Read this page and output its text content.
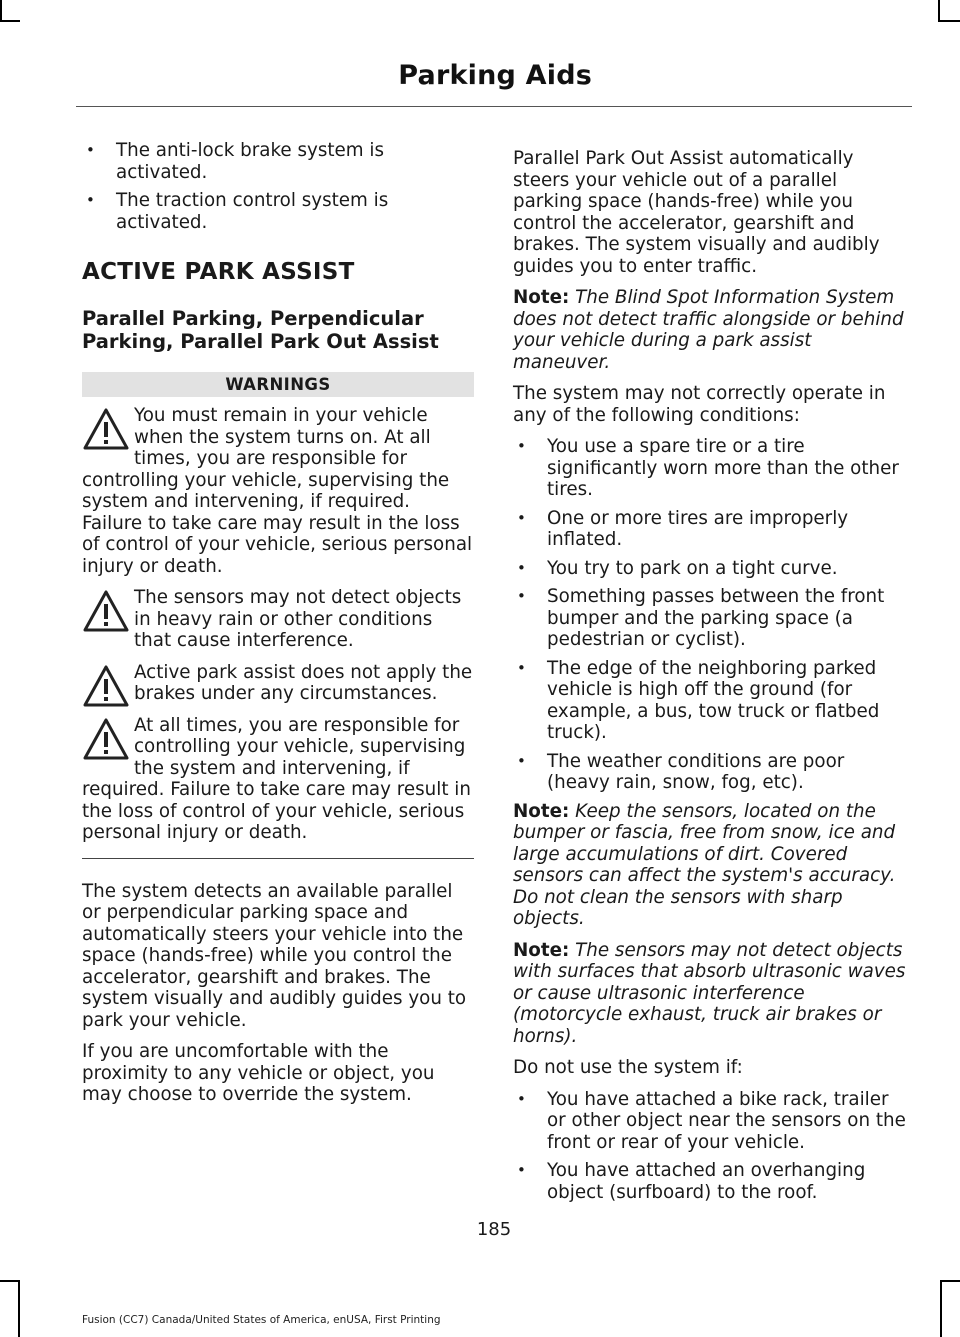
Parking Aids
• The anti-lock brake system is activated.
• The traction control system is activated.
ACTIVE PARK ASSIST
Parallel Parking, Perpendicular Parking, Parallel Park Out Assist
WARNINGS
You must remain in your vehicle when the system turns on. At all times, you are responsible for controlling your vehicle, supervising the system and intervening, if required. Failure to take care may result in the loss of control of your vehicle, serious personal injury or death.
The sensors may not detect objects in heavy rain or other conditions that cause interference.
Active park assist does not apply the brakes under any circumstances.
At all times, you are responsible for controlling your vehicle, supervising the system and intervening, if required. Failure to take care may result in the loss of control of your vehicle, serious personal injury or death.

The system detects an available parallel or perpendicular parking space and automatically steers your vehicle into the space (hands-free) while you control the accelerator, gearshift and brakes. The system visually and audibly guides you to park your vehicle.

If you are uncomfortable with the proximity to any vehicle or object, you may choose to override the system.

Parallel Park Out Assist automatically steers your vehicle out of a parallel parking space (hands-free) while you control the accelerator, gearshift and brakes. The system visually and audibly guides you to enter traffic.

Note: The Blind Spot Information System does not detect traffic alongside or behind your vehicle during a park assist maneuver.

The system may not correctly operate in any of the following conditions:

• You use a spare tire or a tire significantly worn more than the other tires.
• One or more tires are improperly inflated.
• You try to park on a tight curve.
• Something passes between the front bumper and the parking space (a pedestrian or cyclist).
• The edge of the neighboring parked vehicle is high off the ground (for example, a bus, tow truck or flatbed truck).
• The weather conditions are poor (heavy rain, snow, fog, etc).

Note: Keep the sensors, located on the bumper or fascia, free from snow, ice and large accumulations of dirt. Covered sensors can affect the system's accuracy. Do not clean the sensors with sharp objects.

Note: The sensors may not detect objects with surfaces that absorb ultrasonic waves or cause ultrasonic interference (motorcycle exhaust, truck air brakes or horns).

Do not use the system if:

• You have attached a bike rack, trailer or other object near the sensors on the front or rear of your vehicle.
• You have attached an overhanging object (surfboard) to the roof.
185
Fusion (CC7) Canada/United States of America, enUSA, First Printing
